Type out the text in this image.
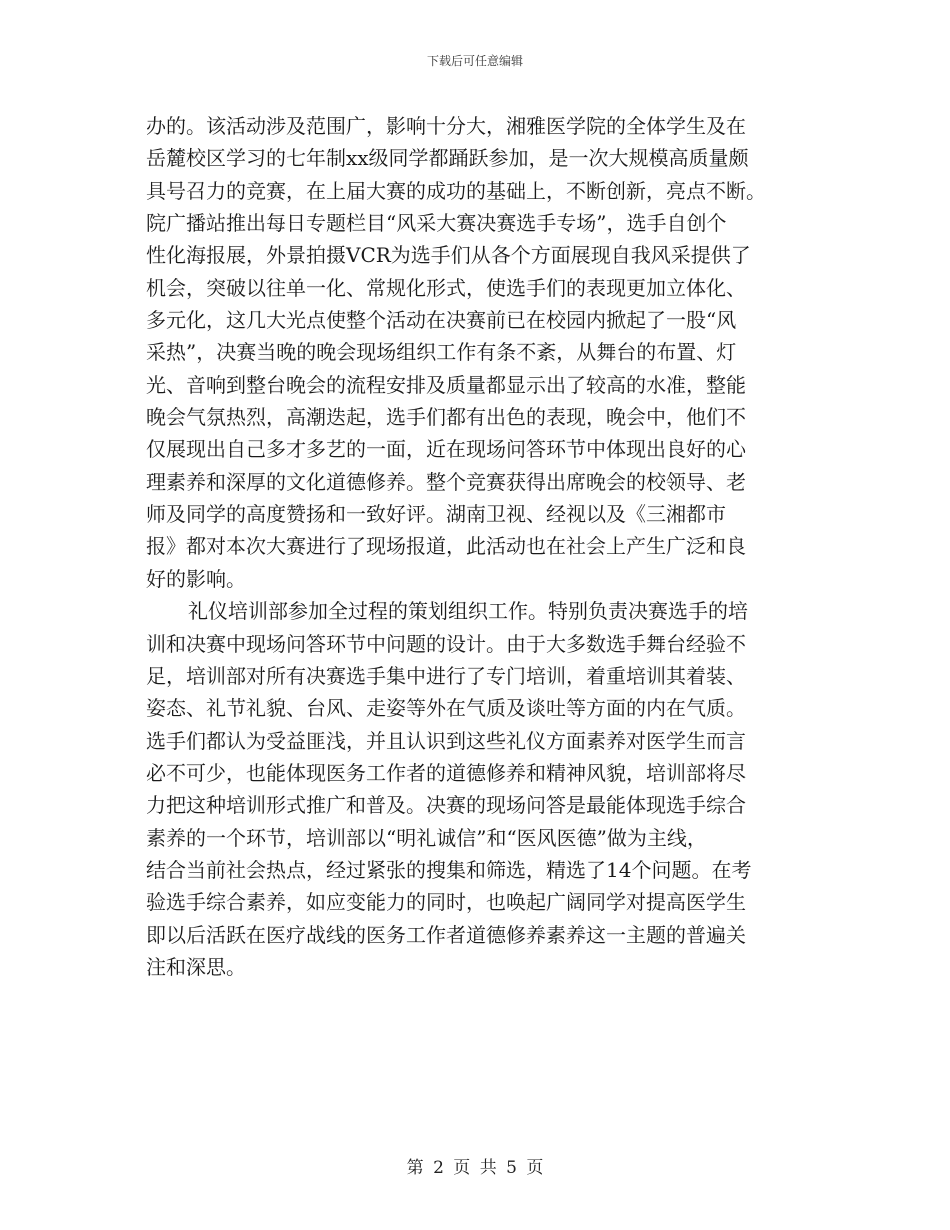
下载后可任意编辑
办的。该活动涉及范围广，影响十分大，湘雅医学院的全体学生及在
岳麓校区学习的七年制xx级同学都踊跃参加，是一次大规模高质量颇
具号召力的竞赛，在上届大赛的成功的基础上，不断创新，亮点不断。
院广播站推出每日专题栏目“风采大赛决赛选手专场”，选手自创个
性化海报展，外景拍摄VCR为选手们从各个方面展现自我风采提供了
机会，突破以往单一化、常规化形式，使选手们的表现更加立体化、
多元化，这几大光点使整个活动在决赛前已在校园内掀起了一股“风
采热”，决赛当晚的晚会现场组织工作有条不紊，从舞台的布置、灯
光、音响到整台晚会的流程安排及质量都显示出了较高的水准，整能
晚会气氛热烈，高潮迭起，选手们都有出色的表现，晚会中，他们不
仅展现出自己多才多艺的一面，近在现场问答环节中体现出良好的心
理素养和深厚的文化道德修养。整个竞赛获得出席晚会的校领导、老
师及同学的高度赞扬和一致好评。湖南卫视、经视以及《三湘都市
报》都对本次大赛进行了现场报道，此活动也在社会上产生广泛和良
好的影响。
礼仪培训部参加全过程的策划组织工作。特别负责决赛选手的培
训和决赛中现场问答环节中问题的设计。由于大多数选手舞台经验不
足，培训部对所有决赛选手集中进行了专门培训，着重培训其着装、
姿态、礼节礼貌、台风、走姿等外在气质及谈吐等方面的内在气质。
选手们都认为受益匪浅，并且认识到这些礼仪方面素养对医学生而言
必不可少，也能体现医务工作者的道德修养和精神风貌，培训部将尽
力把这种培训形式推广和普及。决赛的现场问答是最能体现选手综合
素养的一个环节，培训部以“明礼诚信”和“医风医德”做为主线，
结合当前社会热点，经过紧张的搜集和筛选，精选了14个问题。在考
验选手综合素养，如应变能力的同时，也唤起广阔同学对提高医学生
即以后活跃在医疗战线的医务工作者道德修养素养这一主题的普遍关
注和深思。
第 2 页 共 5 页
